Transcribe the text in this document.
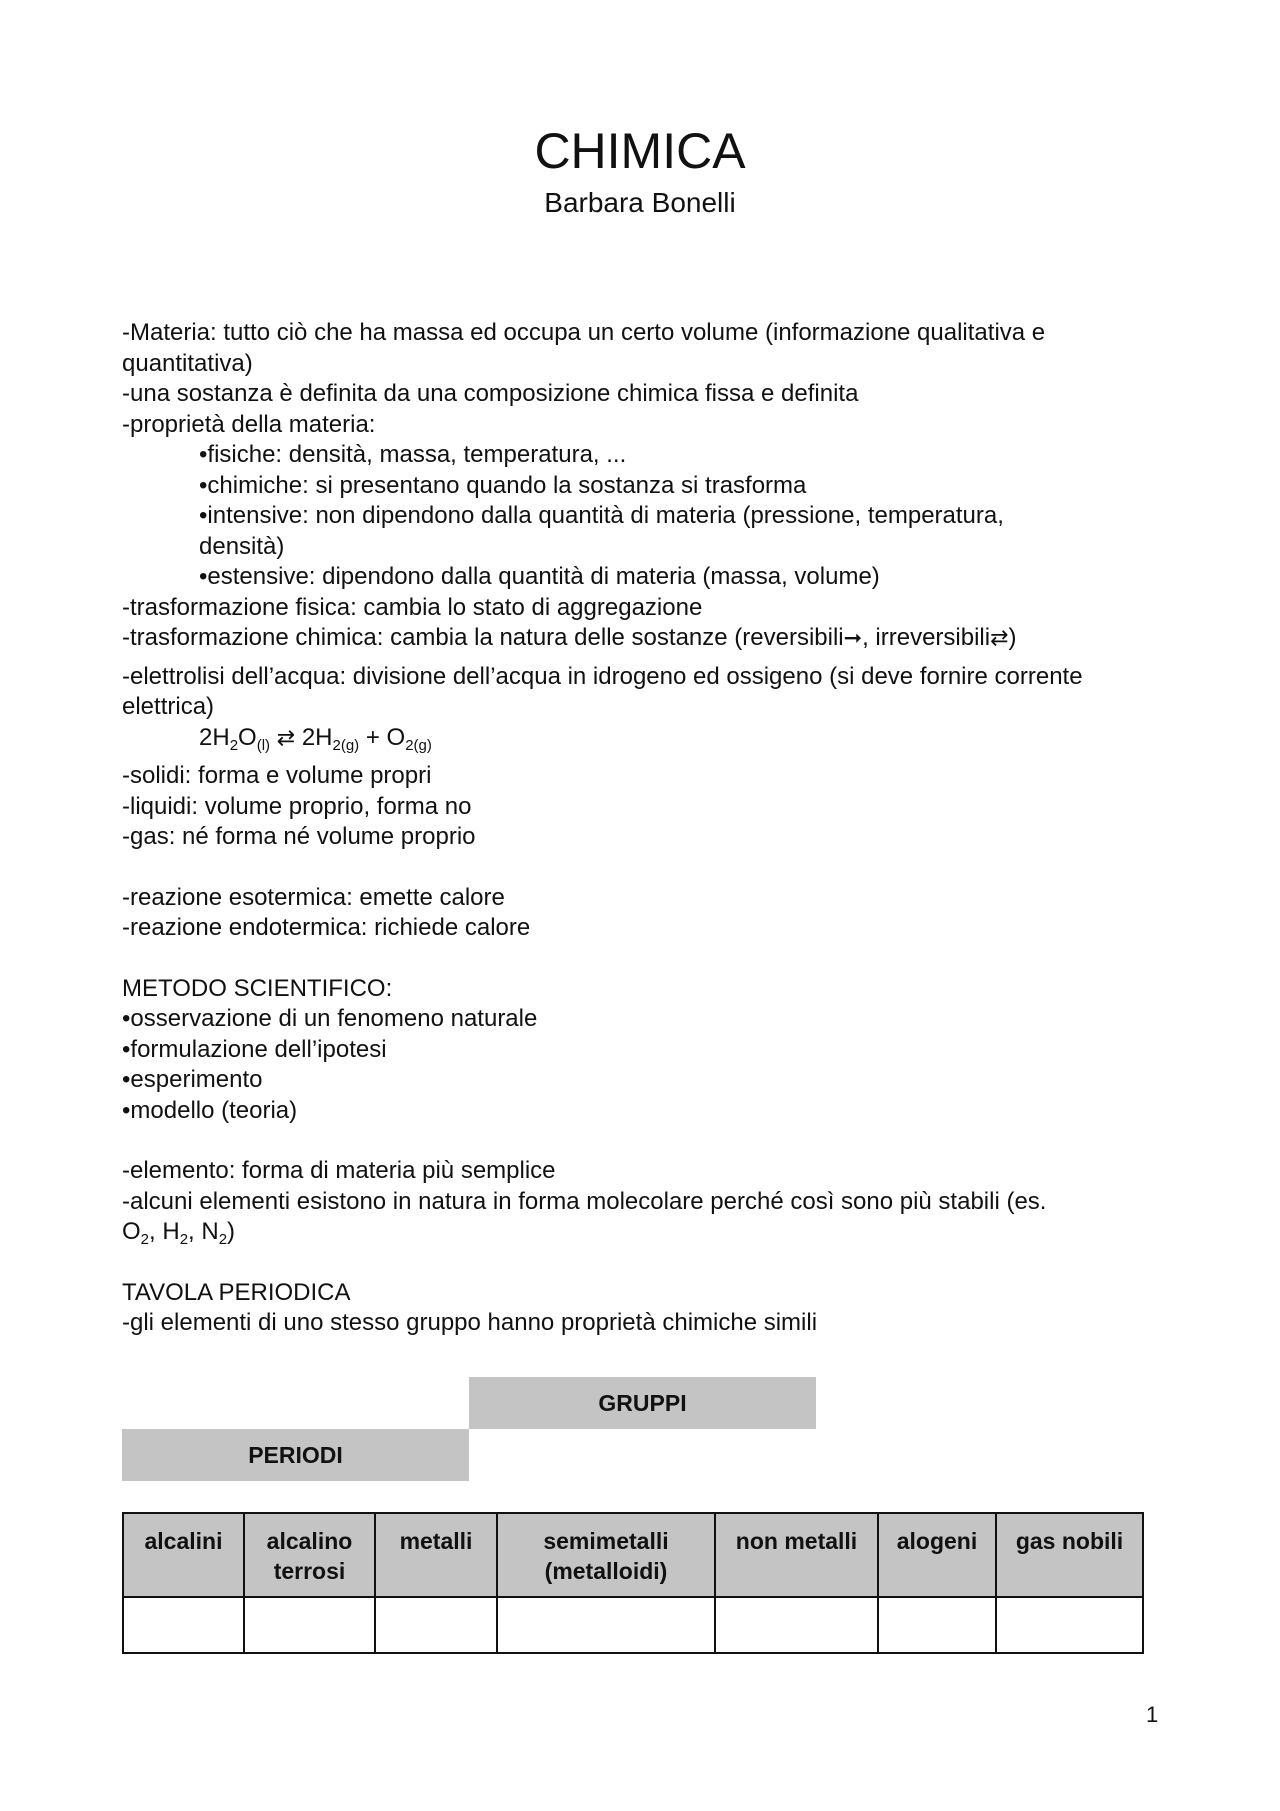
CHIMICA
Barbara Bonelli
-Materia: tutto ciò che ha massa ed occupa un certo volume (informazione qualitativa e
quantitativa)
-una sostanza è definita da una composizione chimica fissa e definita
-proprietà della materia:
•fisiche: densità, massa, temperatura, ...
•chimiche: si presentano quando la sostanza si trasforma
•intensive: non dipendono dalla quantità di materia (pressione, temperatura,
densità)
•estensive: dipendono dalla quantità di materia (massa, volume)
-trasformazione fisica: cambia lo stato di aggregazione
-trasformazione chimica: cambia la natura delle sostanze (reversibili➞, irreversibili⇄)
-elettrolisi dell’acqua: divisione dell’acqua in idrogeno ed ossigeno (si deve fornire corrente
elettrica)
$2H_2O_{(l)}$ ⇄ $2H_{2(g)} + O_{2(g)}$
-solidi: forma e volume propri
-liquidi: volume proprio, forma no
-gas: né forma né volume proprio
-reazione esotermica: emette calore
-reazione endotermica: richiede calore
METODO SCIENTIFICO:
•osservazione di un fenomeno naturale
•formulazione dell’ipotesi
•esperimento
•modello (teoria)
-elemento: forma di materia più semplice
-alcuni elementi esistono in natura in forma molecolare perché così sono più stabili (es.
$O_2$, $H_2$, $N_2$)
TAVOLA PERIODICA
-gli elementi di uno stesso gruppo hanno proprietà chimiche simili
GRUPPI
PERIODI
alcalini	alcalino terrosi	metalli	semimetalli (metalloidi)	non metalli	alogeni	gas nobili

1
